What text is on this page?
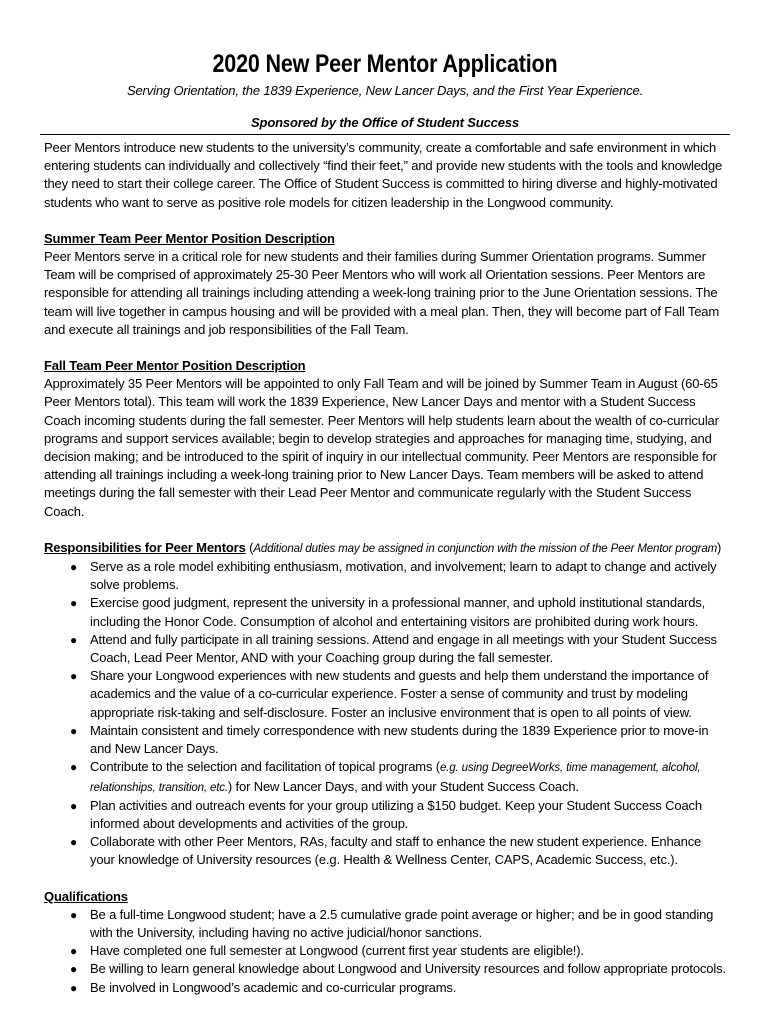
2020 New Peer Mentor Application

Serving Orientation, the 1839 Experience, New Lancer Days, and the First Year Experience.

Sponsored by the Office of Student Success

Peer Mentors introduce new students to the university’s community, create a comfortable and safe environment in which entering students can individually and collectively “find their feet,” and provide new students with the tools and knowledge they need to start their college career. The Office of Student Success is committed to hiring diverse and highly-motivated students who want to serve as positive role models for citizen leadership in the Longwood community.

Summer Team Peer Mentor Position Description

Peer Mentors serve in a critical role for new students and their families during Summer Orientation programs. Summer Team will be comprised of approximately 25-30 Peer Mentors who will work all Orientation sessions. Peer Mentors are responsible for attending all trainings including attending a week-long training prior to the June Orientation sessions. The team will live together in campus housing and will be provided with a meal plan. Then, they will become part of Fall Team and execute all trainings and job responsibilities of the Fall Team.

Fall Team Peer Mentor Position Description

Approximately 35 Peer Mentors will be appointed to only Fall Team and will be joined by Summer Team in August (60-65 Peer Mentors total). This team will work the 1839 Experience, New Lancer Days and mentor with a Student Success Coach incoming students during the fall semester. Peer Mentors will help students learn about the wealth of co-curricular programs and support services available; begin to develop strategies and approaches for managing time, studying, and decision making; and be introduced to the spirit of inquiry in our intellectual community. Peer Mentors are responsible for attending all trainings including a week-long training prior to New Lancer Days. Team members will be asked to attend meetings during the fall semester with their Lead Peer Mentor and communicate regularly with the Student Success Coach.

Responsibilities for Peer Mentors (Additional duties may be assigned in conjunction with the mission of the Peer Mentor program)

● Serve as a role model exhibiting enthusiasm, motivation, and involvement; learn to adapt to change and actively solve problems.
● Exercise good judgment, represent the university in a professional manner, and uphold institutional standards, including the Honor Code. Consumption of alcohol and entertaining visitors are prohibited during work hours.
● Attend and fully participate in all training sessions. Attend and engage in all meetings with your Student Success Coach, Lead Peer Mentor, AND with your Coaching group during the fall semester.
● Share your Longwood experiences with new students and guests and help them understand the importance of academics and the value of a co-curricular experience. Foster a sense of community and trust by modeling appropriate risk-taking and self-disclosure. Foster an inclusive environment that is open to all points of view.
● Maintain consistent and timely correspondence with new students during the 1839 Experience prior to move-in and New Lancer Days.
● Contribute to the selection and facilitation of topical programs (e.g. using DegreeWorks, time management, alcohol, relationships, transition, etc.) for New Lancer Days, and with your Student Success Coach.
● Plan activities and outreach events for your group utilizing a $150 budget. Keep your Student Success Coach informed about developments and activities of the group.
● Collaborate with other Peer Mentors, RAs, faculty and staff to enhance the new student experience. Enhance your knowledge of University resources (e.g. Health & Wellness Center, CAPS, Academic Success, etc.).

Qualifications

● Be a full-time Longwood student; have a 2.5 cumulative grade point average or higher; and be in good standing with the University, including having no active judicial/honor sanctions.
● Have completed one full semester at Longwood (current first year students are eligible!).
● Be willing to learn general knowledge about Longwood and University resources and follow appropriate protocols.
● Be involved in Longwood’s academic and co-curricular programs.
